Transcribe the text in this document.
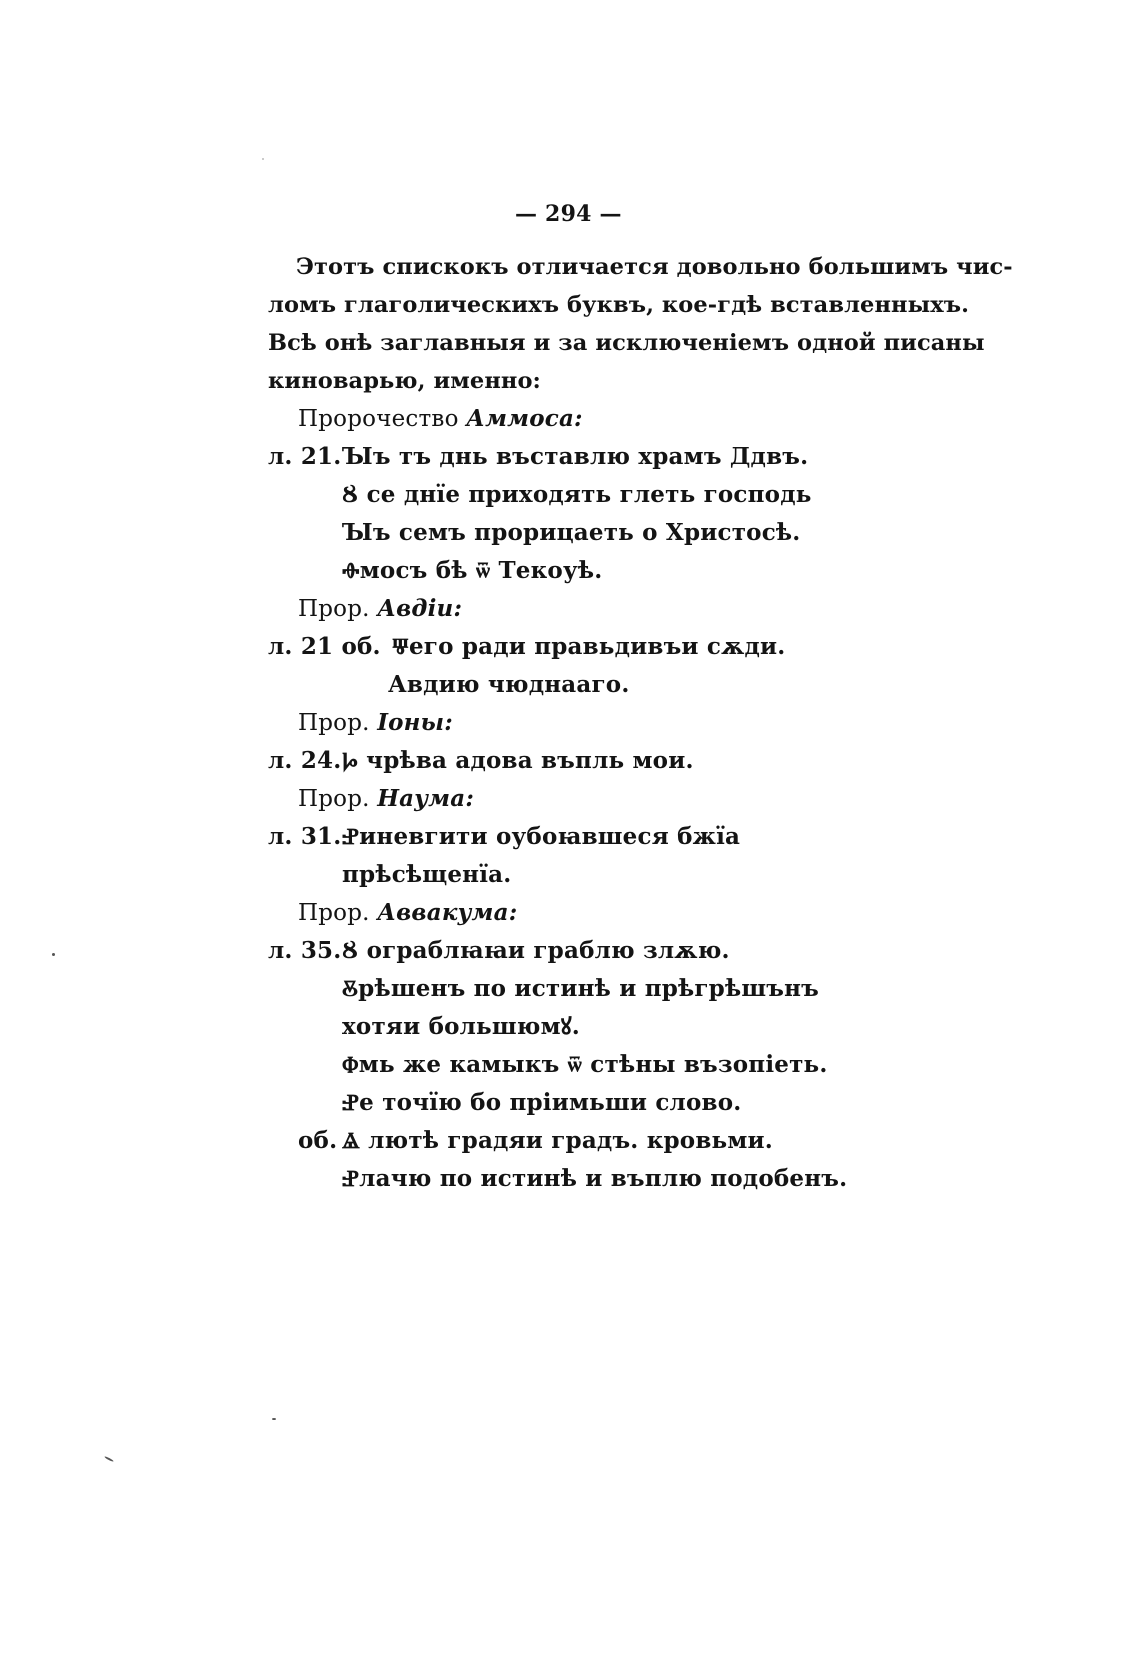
— 294 —
Этотъ спискокъ отличается довольно большимъ чис-
ломъ глаголическихъ буквъ, кое-гдѣ вставленныхъ.
Всѣ онѣ заглавныя и за исключеніемъ одной писаны
киноварью, именно:
Пророчество Аммоса:
л. 21. Ꙑъ тъ днь въставлю храмъ Ддвъ.
Ȣ се днїе приходять глеть господь
Ꙑъ семъ прорицаеть о Христосѣ.
Ⱚмосъ бѣ ѿ Текоуѣ.
Прор. Авдіи:
л. 21 об. Ⱋего ради правьдивъи сѫди.
Авдию чюднааго.
Прор. Іоны:
л. 24. Ⱈ чрѣва адова въпль мои.
Прор. Наума:
л. 31. Ⱀиневгити оубоꙗвшеся бжїа
прѣсѣщенїа.
Прор. Аввакума:
л. 35. Ȣ ограблꙗꙗи граблю злѫю.
Ⰻрѣшенъ по истинѣ и прѣгрѣшънъ
хотяи большюмꙋ.
Ⱇмь же камыкъ ѿ стѣны възопіеть.
Ⱀе точїю бо пріимьши слово.
об. Ⱑ лютѣ градяи градъ. кровьми.
Ⱀлачю по истинѣ и въплю подобенъ.
